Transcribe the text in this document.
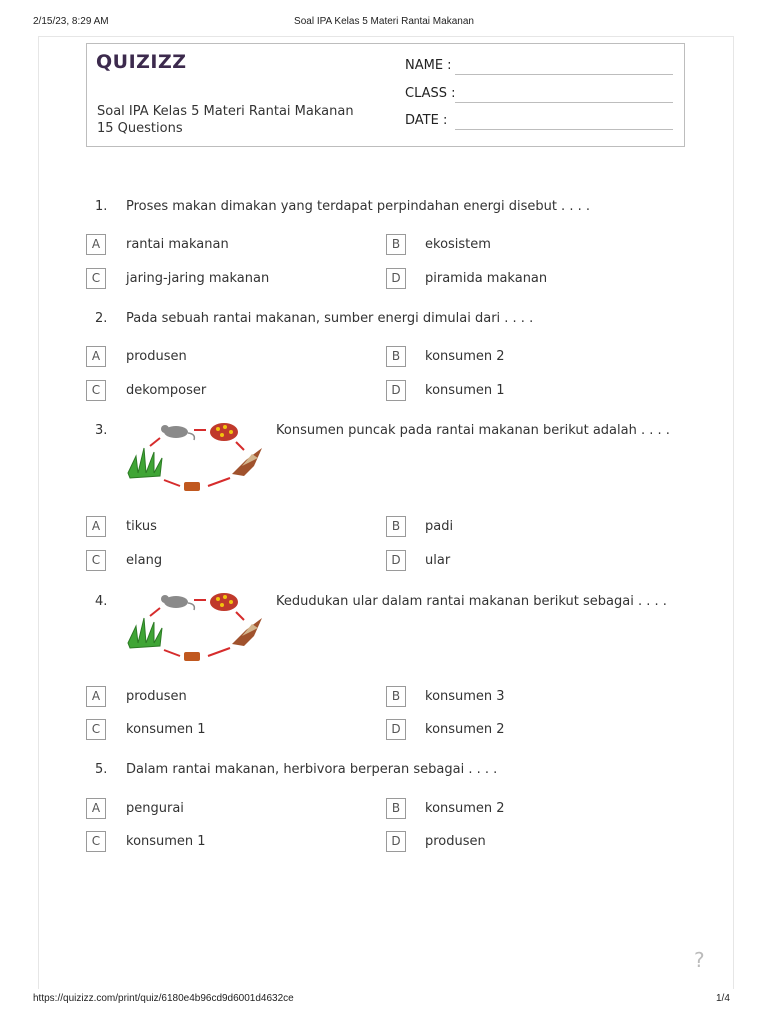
2/15/23, 8:29 AM	Soal IPA Kelas 5 Materi Rantai Makanan
https://quizizz.com/print/quiz/6180e4b96cd9d6001d4632ce	1/4
QUIZIZZ
Soal IPA Kelas 5 Materi Rantai Makanan
15 Questions
NAME :
CLASS :
DATE :
1. Proses makan dimakan yang terdapat perpindahan energi disebut . . . .
A	rantai makanan	B	ekosistem
C	jaring-jaring makanan	D	piramida makanan
2. Pada sebuah rantai makanan, sumber energi dimulai dari . . . .
A	produsen	B	konsumen 2
C	dekomposer	D	konsumen 1
3.	Konsumen puncak pada rantai makanan berikut adalah . . . .
A	tikus	B	padi
C	elang	D	ular
4.	Kedudukan ular dalam rantai makanan berikut sebagai . . . .
A	produsen	B	konsumen 3
C	konsumen 1	D	konsumen 2
5. Dalam rantai makanan, herbivora berperan sebagai . . . .
A	pengurai	B	konsumen 2
C	konsumen 1	D	produsen
?
